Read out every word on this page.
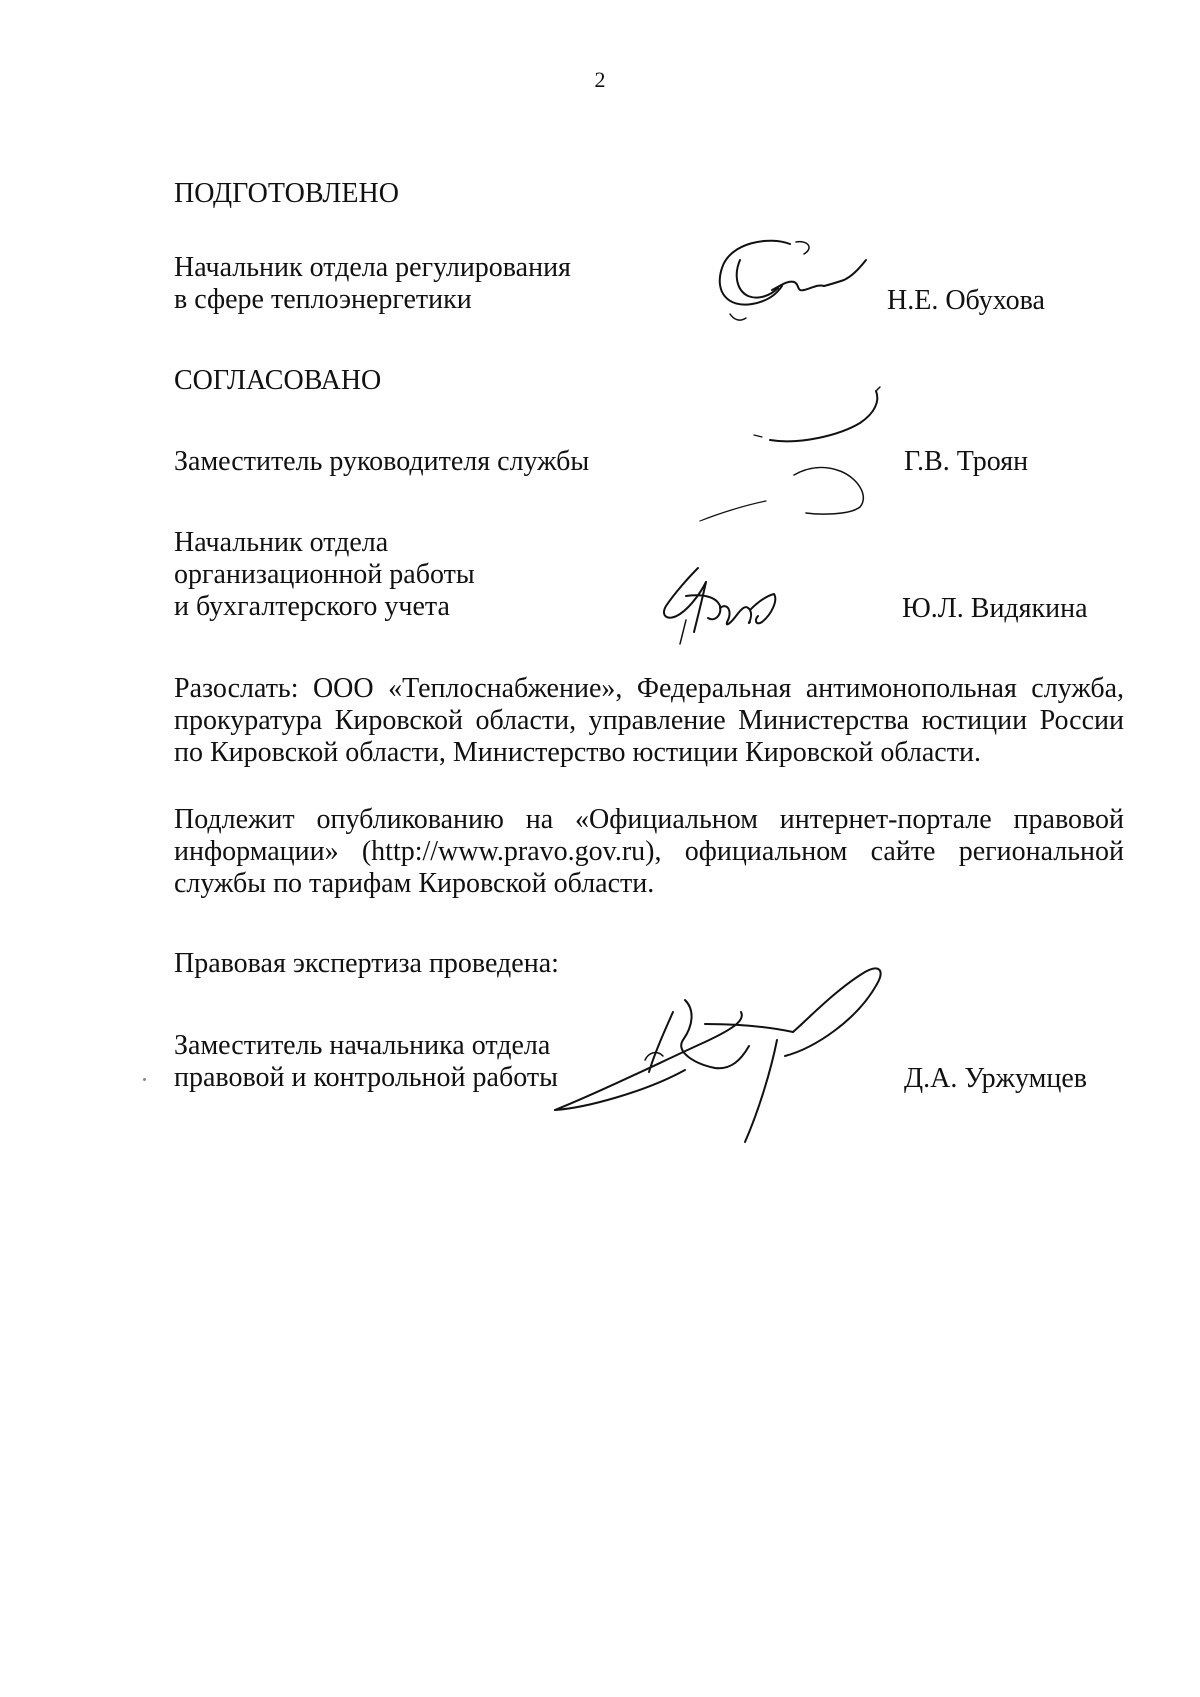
2
ПОДГОТОВЛЕНО
Начальник отдела регулирования
в сфере теплоэнергетики	Н.Е. Обухова
СОГЛАСОВАНО
Заместитель руководителя службы	Г.В. Троян
Начальник отдела
организационной работы
и бухгалтерского учета	Ю.Л. Видякина

Разослать: ООО «Теплоснабжение», Федеральная антимонопольная служба, прокуратура Кировской области, управление Министерства юстиции России по Кировской области, Министерство юстиции Кировской области.

Подлежит опубликованию на «Официальном интернет-портале правовой информации» (http://www.pravo.gov.ru), официальном сайте региональной службы по тарифам Кировской области.

Правовая экспертиза проведена:
Заместитель начальника отдела
правовой и контрольной работы	Д.А. Уржумцев
